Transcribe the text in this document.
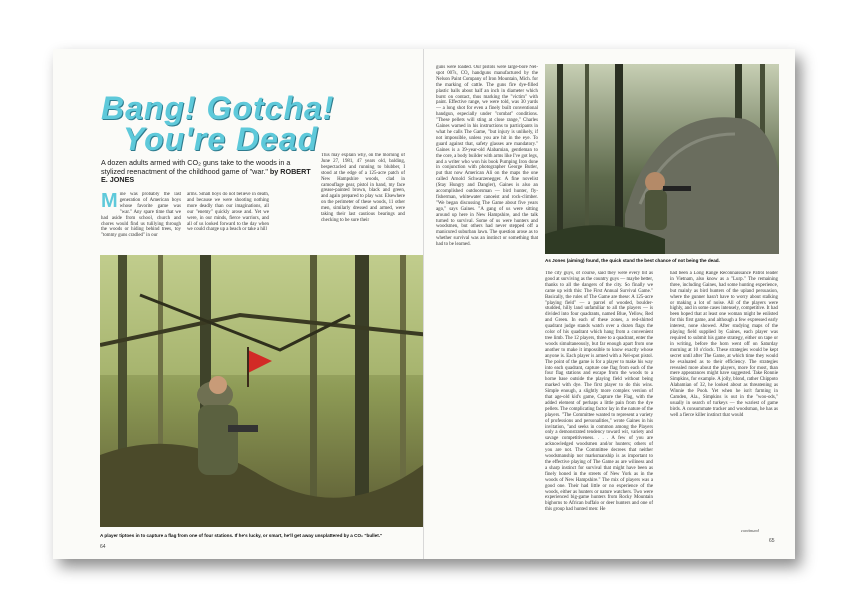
Bang! Gotcha!
You're Dead
A dozen adults armed with CO₂ guns take to the woods in a stylized reenactment of the childhood game of "war." by ROBERT E. JONES
Mine was probably the last generation of American boys whose favorite game was "war." Any spare time that we had aside from school, church and chores would find us tulilying through the woods or hiding behind trees, toy "tommy guns cradled" in our
arms. Small boys do not believe in death, and because we were shooting nothing more deadly than our imaginations, all our "enemy" quickly arose and. Yet we were, in our minds, fierce warriors, and all of us looked forward to the day when we could charge up a beach or take a hill
This may explain why, on the morning of June 27, 1981, 47 years old, balding, bespectacled and running to blubber, I stood at the edge of a 125-acre patch of New Hampshire woods, clad in camouflage gear, pistol in hand, my face grease-painted brown, black and green, and again prepared to play war. Elsewhere on the perimeter of these woods, 11 other men, similarly dressed and armed, were taking their last cautious bearings and checking to be sure their
A player tiptoes in to capture a flag from one of four stations. If he's lucky, or smart, he'll get away unsplattered by a CO₂ "bullet."
64
guns were loaded. Our pistols were large-bore Nel-spot 007s, CO₂ handguns manufactured by the Nelson Paint Company of Iron Mountain, Mich. for the marking of cattle. The guns fire dye-filled plastic balls about half an inch in diameter which burst on contact, thus marking the "victim" with paint. Effective range, we were told, was 30 yards — a long shot for even a finely built conventional handgun, especially under "combat" conditions. "These pellets will sting at close range," Charles Gaines warned in his instructions to participants in what he calls The Game, "but injury is unlikely, if not impossible, unless you are hit in the eye. To guard against that, safety glasses are mandatory." Gaines is a 39-year-old Alabamian, gentleman to the core, a body builder with arms like I've got legs, and a writer who won his book Pumping Iron done in conjunction with photographer George Butler, put that now American Ali on the maps the one called Arnold Schwarzenegger. A fine novelist (Stay Hungry and Dangler), Gaines is also an accomplished outdoorsman — bird hunter, fly-fisherman, whitewater canoeist and rock-climber. "We began discussing The Game about five years ago," says Gaines. "A gang of us were sitting around up here in New Hampshire, and the talk turned to survival. Some of us were hunters and woodsmen, but others had never stepped off a manicured suburban lawn. The question arose as to whether survival was an instinct or something that had to be learned.
As Jones (aiming) found, the quick stand the best chance of not being the dead.
The city guys, of course, said they were every bit as good at surviving as the country guys — maybe better, thanks to all the dangers of the city. So finally we came up with this: The First Annual Survival Game." Basically, the rules of The Game are these: A 125-acre "playing field" — a parcel of wooded, boulder-studded, hilly land unfamiliar to all the players — is divided into four quadrants, named Blue, Yellow, Red and Green. In each of these zones, a red-shirted quadrant judge stands watch over a dozen flags the color of his quadrant which hang from a convenient tree limb. The 12 players, three to a quadrant, enter the woods simultaneously, but far enough apart from one another to make it impossible to know exactly whose anyone is. Each player is armed with a Nel-spot pistol. The point of the game is for a player to make his way into each quadrant, capture one flag from each of the four flag stations and escape from the woods to a horne base outside the playing field without being marked with dye. The first player to do this wins. Simple enough, a slightly more complex version of that age-old kid's game, Capture the Flag, with the added element of perhaps a little pain from the dye pellets. The complicating factor lay in the nature of the players. "The Committee wanted to represent a variety of professions and personalities," wrote Gaines in his invitation, "and seeks in common among the Players only a demonstrated tendency toward wit, variety and savage competitiveness. . . . A few of you are acknowledged woodsmen and/or hunters; others of you are not. The Committee decrees that neither woodsmanship nor marksmanship is as important to the effective playing of The Game as are wiliness and a sharp instinct for survival that might have been as finely honed in the streets of New York as in the woods of New Hampshire." The mix of players was a good one. Their had little or no experience of the woods, either as hunters or nature watchers. Two were experienced big-game hunters from Rocky Mountain bighorns to African buffalo or deer hunters and one of this group had hunted men: He
had been a Long Range Reconnaissance Patrol leader in Vietnam, also know as a "Lurp." The remaining three, including Gaines, had some hunting experience, but mainly as bird hunters of the upland persuasion, where the gunner hasn't have to worry about stalking or making a lot of noise. All of the players were highly, and in some cases intensely, competitive. It had been hoped that at least one woman might be enlisted for this first game, and although a few expressed early interest, none showed. After studying maps of the playing field supplied by Gaines, each player was required to submit his game strategy, either on tape or in writing, before the horn went off on Saturday morning at 10 o'clock. These strategies would be kept secret until after The Game, at which time they would be evaluated as to their efficiency. The strategies revealed more about the players, more for most, than mere appearances might have suggested. Take Ronnie Simpkins, for example. A jolly, blond, rather Chippoto Alabamian of 32, he looked about as threatening as Winnie the Pooh. Yet when he isn't farming in Camden, Ala., Simpkins is out in the "woo-ods," usually in search of turkeys — the wariest of game birds. A consummate tracker and woodsman, he has as well a fierce killer instinct that would
continued
65
